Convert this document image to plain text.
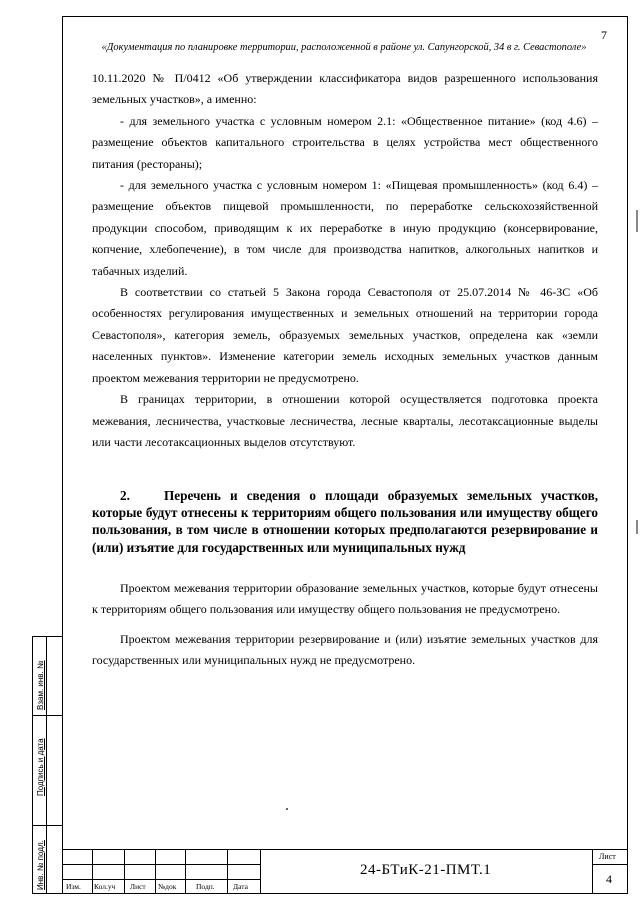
7
«Документация по планировке территории, расположенной в районе ул. Сапунгорской, 34 в г. Севастополе»

10.11.2020 № П/0412 «Об утверждении классификатора видов разрешенного использования земельных участков», а именно:

- для земельного участка с условным номером 2.1: «Общественное питание» (код 4.6) – размещение объектов капитального строительства в целях устройства мест общественного питания (рестораны);

- для земельного участка с условным номером 1: «Пищевая промышленность» (код 6.4) – размещение объектов пищевой промышленности, по переработке сельскохозяйственной продукции способом, приводящим к их переработке в иную продукцию (консервирование, копчение, хлебопечение), в том числе для производства напитков, алкогольных напитков и табачных изделий.

В соответствии со статьей 5 Закона города Севастополя от 25.07.2014 № 46-ЗС «Об особенностях регулирования имущественных и земельных отношений на территории города Севастополя», категория земель, образуемых земельных участков, определена как «земли населенных пунктов». Изменение категории земель исходных земельных участков данным проектом межевания территории не предусмотрено.

В границах территории, в отношении которой осуществляется подготовка проекта межевания, лесничества, участковые лесничества, лесные кварталы, лесотаксационные выделы или части лесотаксационных выделов отсутствуют.

2.	Перечень и сведения о площади образуемых земельных участков, которые будут отнесены к территориям общего пользования или имуществу общего пользования, в том числе в отношении которых предполагаются резервирование и (или) изъятие для государственных или муниципальных нужд

Проектом межевания территории образование земельных участков, которые будут отнесены к территориям общего пользования или имуществу общего пользования не предусмотрено.

Проектом межевания территории резервирование и (или) изъятие земельных участков для государственных или муниципальных нужд не предусмотрено.

Взам. инв. №
Подпись и дата
Инв. № подл.	Изм. Кол.уч Лист №док	Подп. Дата
24-БТиК-21-ПМТ.1
Лист
4
